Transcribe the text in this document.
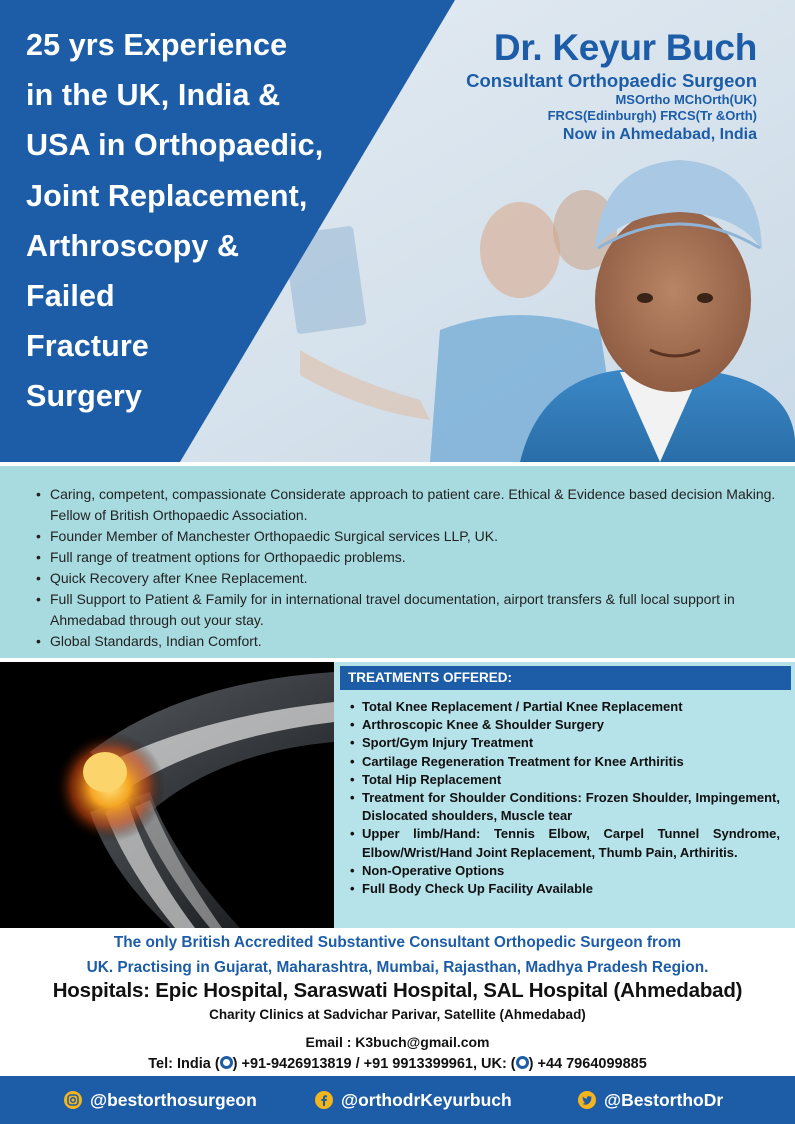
25 yrs Experience
in the UK, India &
USA in Orthopaedic,
Joint Replacement,
Arthroscopy &
Failed
Fracture
Surgery
Dr. Keyur Buch
Consultant Orthopaedic Surgeon
MSOrtho MChOrth(UK)
FRCS(Edinburgh) FRCS(Tr &Orth)
Now in Ahmedabad, India
• Caring, competent, compassionate Considerate approach to patient care. Ethical & Evidence based decision Making. Fellow of British Orthopaedic Association.
• Founder Member of Manchester Orthopaedic Surgical services LLP, UK.
• Full range of treatment options for Orthopaedic problems.
• Quick Recovery after Knee Replacement.
• Full Support to Patient & Family for in international travel documentation, airport transfers & full local support in Ahmedabad through out your stay.
• Global Standards, Indian Comfort.
TREATMENTS OFFERED:
• Total Knee Replacement / Partial Knee Replacement
• Arthroscopic Knee & Shoulder Surgery
• Sport/Gym Injury Treatment
• Cartilage Regeneration Treatment for Knee Arthiritis
• Total Hip Replacement
• Treatment for Shoulder Conditions: Frozen Shoulder, Impingement, Dislocated shoulders, Muscle tear
• Upper limb/Hand: Tennis Elbow, Carpel Tunnel Syndrome, Elbow/Wrist/Hand Joint Replacement, Thumb Pain, Arthiritis.
• Non-Operative Options
• Full Body Check Up Facility Available
The only British Accredited Substantive Consultant Orthopedic Surgeon from
UK. Practising in Gujarat, Maharashtra, Mumbai, Rajasthan, Madhya Pradesh Region.
Hospitals: Epic Hospital, Saraswati Hospital, SAL Hospital (Ahmedabad)
Charity Clinics at Sadvichar Parivar, Satellite (Ahmedabad)
Email : K3buch@gmail.com
Tel: India ( ) +91-9426913819 / +91 9913399961, UK: ( ) +44 7964099885
@bestorthosurgeon	@orthodrKeyurbuch	@BestorthoDr
